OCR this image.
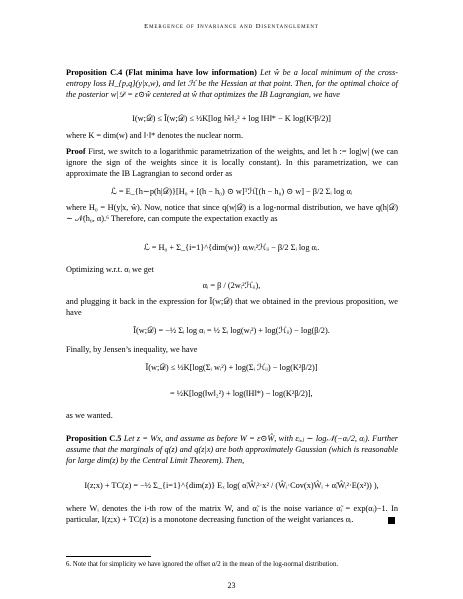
Emergence of Invariance and Disentanglement
Proposition C.4 (Flat minima have low information) Let ŵ be a local minimum of the cross-entropy loss H_{p,q}(y|x,w), and let ℋ be the Hessian at that point. Then, for the optimal choice of the posterior w|𝒟 = ε⊙ŵ centered at ŵ that optimizes the IB Lagrangian, we have
I(w;𝒟) ≤ Ĩ(w;𝒟) ≤ ½K[log ‖ŵ‖₂² + log ‖H‖* − K log(K²β/2)]
where K = dim(w) and ‖·‖* denotes the nuclear norm.
Proof First, we switch to a logarithmic parametrization of the weights, and let h := log|w| (we can ignore the sign of the weights since it is locally constant). In this parametrization, we can approximate the IB Lagrangian to second order as
ℒ = E_{h∼p(h|𝒟)}[H₀ + [(h − h₀) ⊙ w]ᵀℋ[(h − h₀) ⊙ w] − β/2 Σᵢ log αᵢ
where H₀ = H(y|x, ŵ). Now, notice that since q(w|𝒟) is a log-normal distribution, we have q(h|𝒟) ∼ 𝒩(h₀, α).⁶ Therefore, can compute the expectation exactly as
ℒ = H₀ + Σ_{i=1}^{dim(w)} αᵢwᵢ²ℋᵢᵢ − β/2 Σᵢ log αᵢ.
Optimizing w.r.t. αᵢ we get
αᵢ = β / (2wᵢ²ℋᵢᵢ),
and plugging it back in the expression for Ĩ(w;𝒟) that we obtained in the previous proposition, we have
Ĩ(w;𝒟) = −½ Σᵢ log αᵢ = ½ Σᵢ log(wᵢ²) + log(ℋᵢᵢ) − log(β/2).
Finally, by Jensen’s inequality, we have
Ĩ(w;𝒟) ≤ ½K[log(Σᵢ wᵢ²) + log(Σᵢ ℋᵢᵢ) − log(K²β/2)]
= ½K[log(‖w‖₂²) + log(‖H‖*) − log(K²β/2)],
as we wanted.
Proposition C.5 Let z = Wx, and assume as before W = ε⊙Ŵ, with εᵢ,ⱼ ∼ log𝒩(−αᵢ/2, αᵢ). Further assume that the marginals of q(z) and q(z|x) are both approximately Gaussian (which is reasonable for large dim(z) by the Central Limit Theorem). Then,
I(z;x) + TC(z) = −½ Σ_{i=1}^{dim(z)} Eₓ log( α̃ᵢŴᵢ²·x² / (Ŵᵢ·Cov(x)Ŵᵢ + α̃ᵢŴᵢ²·E(x²)) ),
where Wᵢ denotes the i-th row of the matrix W, and α̃ᵢ is the noise variance α̃ᵢ = exp(αᵢ)−1. In particular, I(z;x) + TC(z) is a monotone decreasing function of the weight variances αᵢ.
6. Note that for simplicity we have ignored the offset α/2 in the mean of the log-normal distribution.
23
